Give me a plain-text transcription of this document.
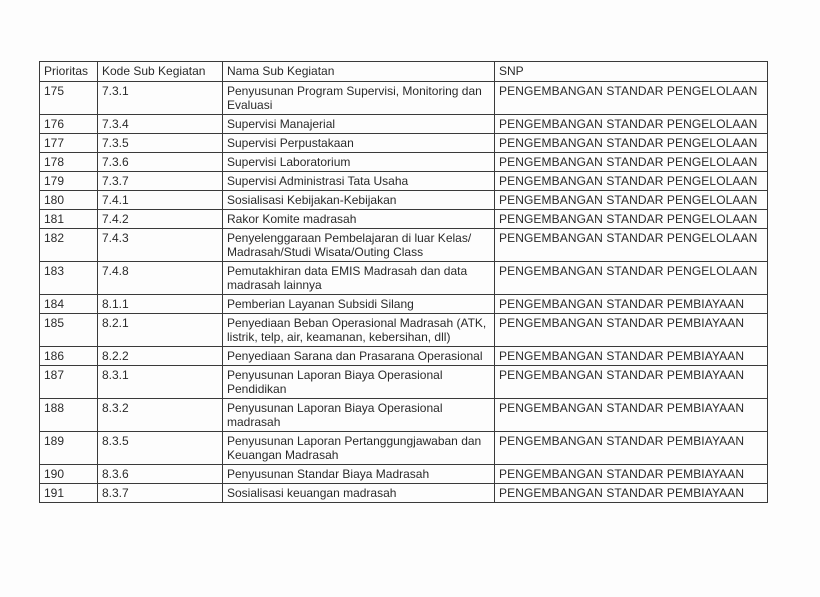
Prioritas	Kode Sub Kegiatan	Nama Sub Kegiatan	SNP
175	7.3.1	Penyusunan Program Supervisi, Monitoring dan Evaluasi	PENGEMBANGAN STANDAR PENGELOLAAN
176	7.3.4	Supervisi Manajerial	PENGEMBANGAN STANDAR PENGELOLAAN
177	7.3.5	Supervisi Perpustakaan	PENGEMBANGAN STANDAR PENGELOLAAN
178	7.3.6	Supervisi Laboratorium	PENGEMBANGAN STANDAR PENGELOLAAN
179	7.3.7	Supervisi Administrasi Tata Usaha	PENGEMBANGAN STANDAR PENGELOLAAN
180	7.4.1	Sosialisasi Kebijakan-Kebijakan	PENGEMBANGAN STANDAR PENGELOLAAN
181	7.4.2	Rakor Komite madrasah	PENGEMBANGAN STANDAR PENGELOLAAN
182	7.4.3	Penyelenggaraan Pembelajaran di luar Kelas/ Madrasah/Studi Wisata/Outing Class	PENGEMBANGAN STANDAR PENGELOLAAN
183	7.4.8	Pemutakhiran data EMIS Madrasah dan data madrasah lainnya	PENGEMBANGAN STANDAR PENGELOLAAN
184	8.1.1	Pemberian Layanan Subsidi Silang	PENGEMBANGAN STANDAR PEMBIAYAAN
185	8.2.1	Penyediaan Beban Operasional Madrasah (ATK, listrik, telp, air, keamanan, kebersihan, dll)	PENGEMBANGAN STANDAR PEMBIAYAAN
186	8.2.2	Penyediaan Sarana dan Prasarana Operasional	PENGEMBANGAN STANDAR PEMBIAYAAN
187	8.3.1	Penyusunan Laporan Biaya Operasional Pendidikan	PENGEMBANGAN STANDAR PEMBIAYAAN
188	8.3.2	Penyusunan Laporan Biaya Operasional madrasah	PENGEMBANGAN STANDAR PEMBIAYAAN
189	8.3.5	Penyusunan Laporan Pertanggungjawaban dan Keuangan Madrasah	PENGEMBANGAN STANDAR PEMBIAYAAN
190	8.3.6	Penyusunan Standar Biaya Madrasah	PENGEMBANGAN STANDAR PEMBIAYAAN
191	8.3.7	Sosialisasi keuangan madrasah	PENGEMBANGAN STANDAR PEMBIAYAAN
